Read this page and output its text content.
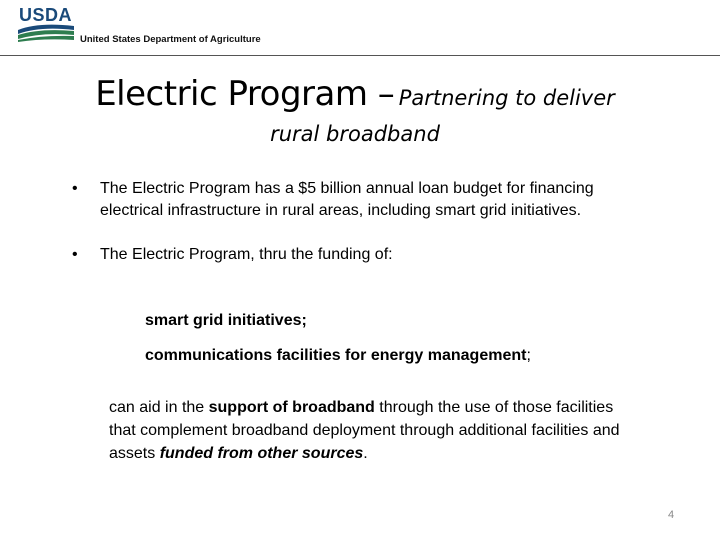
USDA
United States Department of Agriculture
Electric Program – Partnering to deliver
rural broadband
• The Electric Program has a $5 billion annual loan budget for financing electrical infrastructure in rural areas, including smart grid initiatives.
• The Electric Program, thru the funding of:
smart grid initiatives;
communications facilities for energy management;
can aid in the support of broadband through the use of those facilities that complement broadband deployment through additional facilities and assets funded from other sources.
4
